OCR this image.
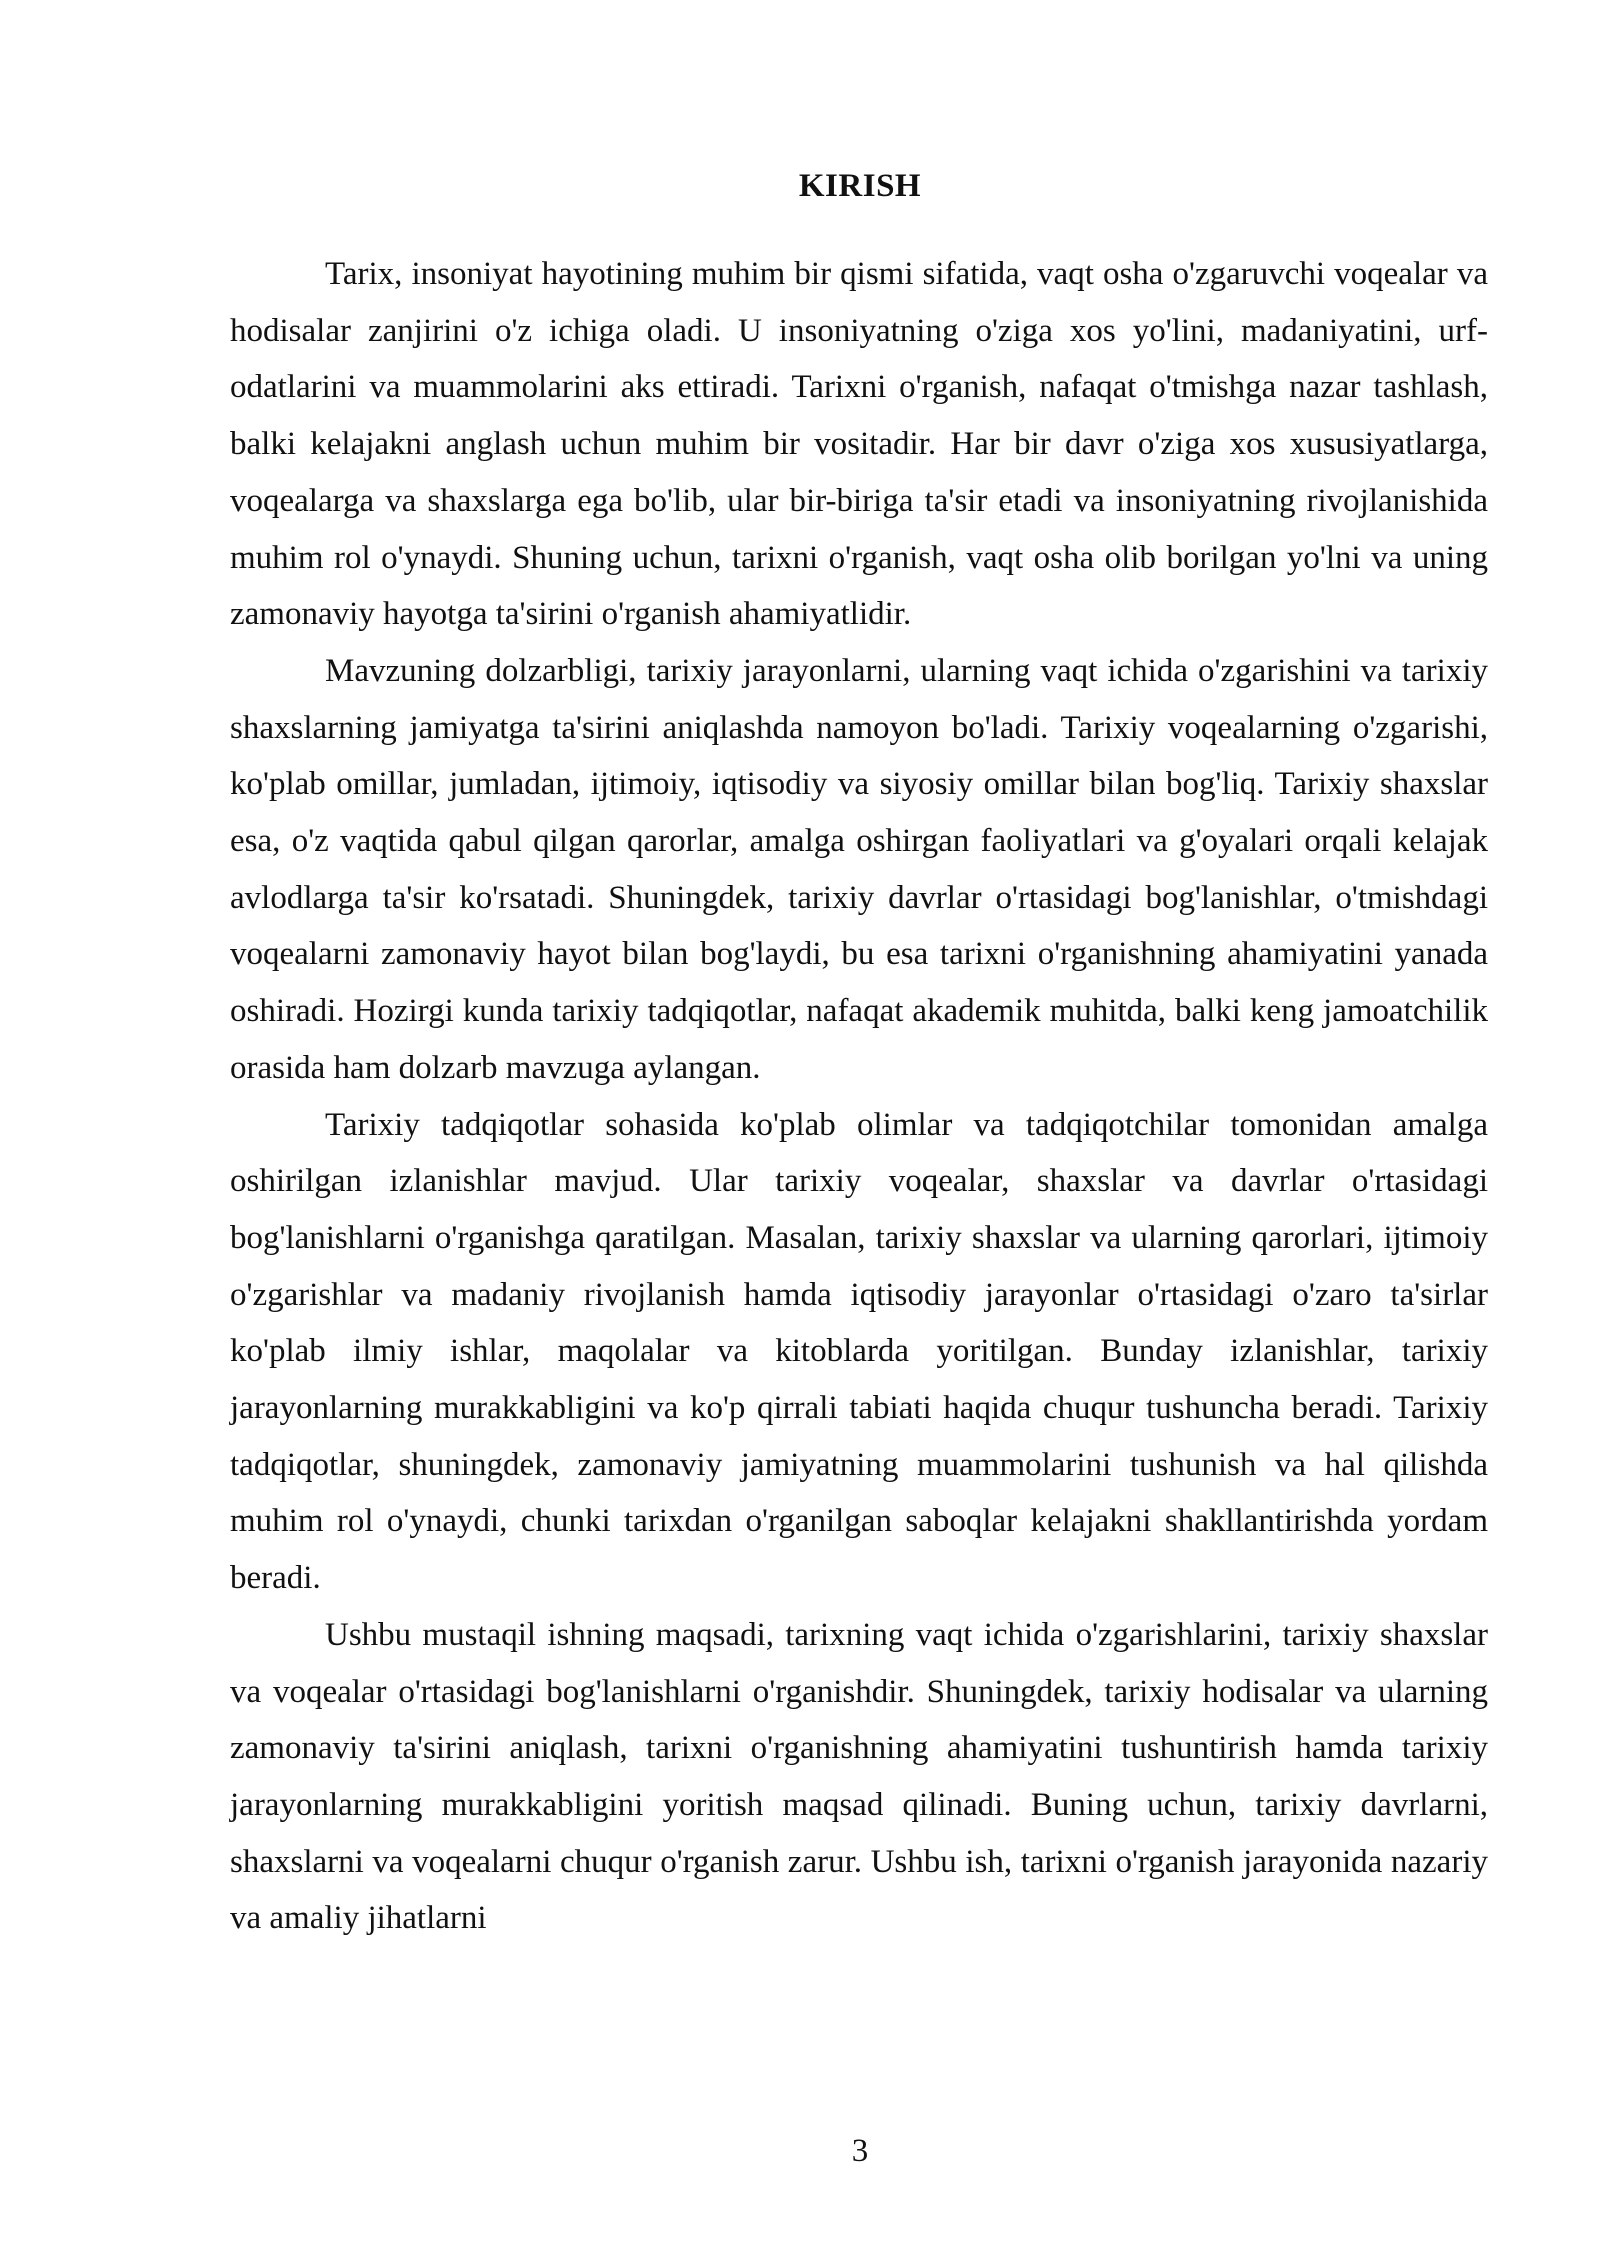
KIRISH

Tarix, insoniyat hayotining muhim bir qismi sifatida, vaqt osha o'zgaruvchi voqealar va hodisalar zanjirini o'z ichiga oladi. U insoniyatning o'ziga xos yo'lini, madaniyatini, urf-odatlarini va muammolarini aks ettiradi. Tarixni o'rganish, nafaqat o'tmishga nazar tashlash, balki kelajakni anglash uchun muhim bir vositadir. Har bir davr o'ziga xos xususiyatlarga, voqealarga va shaxslarga ega bo'lib, ular bir-biriga ta'sir etadi va insoniyatning rivojlanishida muhim rol o'ynaydi. Shuning uchun, tarixni o'rganish, vaqt osha olib borilgan yo'lni va uning zamonaviy hayotga ta'sirini o'rganish ahamiyatlidir.

Mavzuning dolzarbligi, tarixiy jarayonlarni, ularning vaqt ichida o'zgarishini va tarixiy shaxslarning jamiyatga ta'sirini aniqlashda namoyon bo'ladi. Tarixiy voqealarning o'zgarishi, ko'plab omillar, jumladan, ijtimoiy, iqtisodiy va siyosiy omillar bilan bog'liq. Tarixiy shaxslar esa, o'z vaqtida qabul qilgan qarorlar, amalga oshirgan faoliyatlari va g'oyalari orqali kelajak avlodlarga ta'sir ko'rsatadi. Shuningdek, tarixiy davrlar o'rtasidagi bog'lanishlar, o'tmishdagi voqealarni zamonaviy hayot bilan bog'laydi, bu esa tarixni o'rganishning ahamiyatini yanada oshiradi. Hozirgi kunda tarixiy tadqiqotlar, nafaqat akademik muhitda, balki keng jamoatchilik orasida ham dolzarb mavzuga aylangan.

Tarixiy tadqiqotlar sohasida ko'plab olimlar va tadqiqotchilar tomonidan amalga oshirilgan izlanishlar mavjud. Ular tarixiy voqealar, shaxslar va davrlar o'rtasidagi bog'lanishlarni o'rganishga qaratilgan. Masalan, tarixiy shaxslar va ularning qarorlari, ijtimoiy o'zgarishlar va madaniy rivojlanish hamda iqtisodiy jarayonlar o'rtasidagi o'zaro ta'sirlar ko'plab ilmiy ishlar, maqolalar va kitoblarda yoritilgan. Bunday izlanishlar, tarixiy jarayonlarning murakkabligini va ko'p qirrali tabiati haqida chuqur tushuncha beradi. Tarixiy tadqiqotlar, shuningdek, zamonaviy jamiyatning muammolarini tushunish va hal qilishda muhim rol o'ynaydi, chunki tarixdan o'rganilgan saboqlar kelajakni shakllantirishda yordam beradi.

Ushbu mustaqil ishning maqsadi, tarixning vaqt ichida o'zgarishlarini, tarixiy shaxslar va voqealar o'rtasidagi bog'lanishlarni o'rganishdir. Shuningdek, tarixiy hodisalar va ularning zamonaviy ta'sirini aniqlash, tarixni o'rganishning ahamiyatini tushuntirish hamda tarixiy jarayonlarning murakkabligini yoritish maqsad qilinadi. Buning uchun, tarixiy davrlarni, shaxslarni va voqealarni chuqur o'rganish zarur. Ushbu ish, tarixni o'rganish jarayonida nazariy va amaliy jihatlarni

3
